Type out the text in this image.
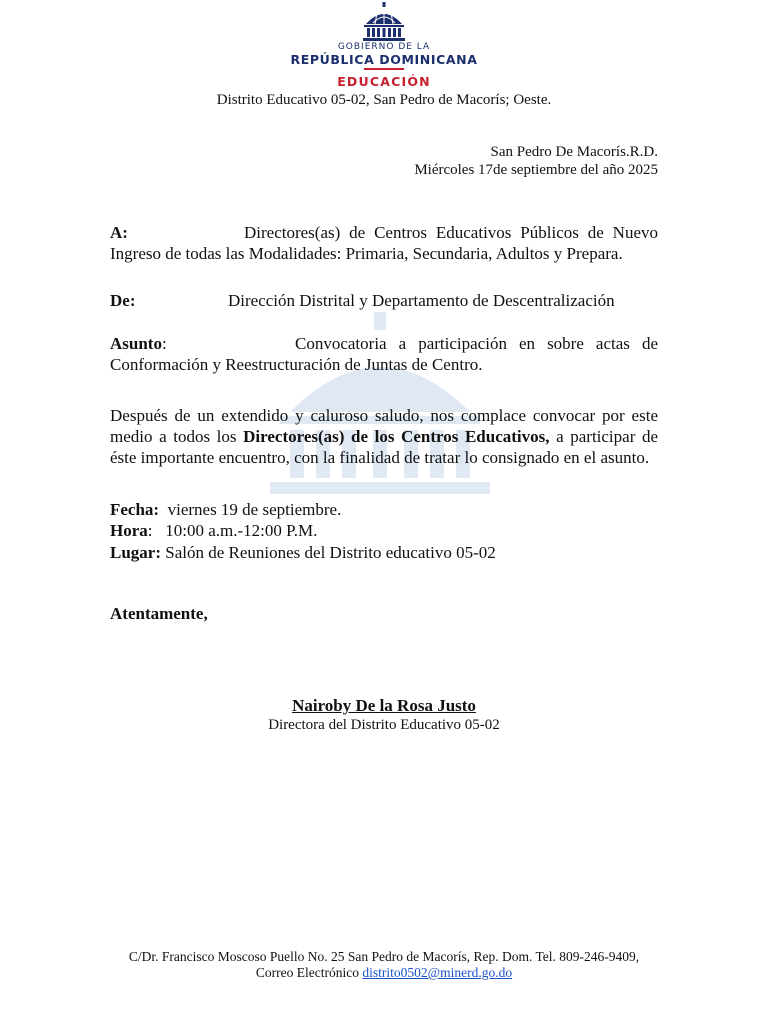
GOBIERNO DE LA
REPÚBLICA DOMINICANA
EDUCACIÓN
Distrito Educativo 05-02, San Pedro de Macorís; Oeste.
San Pedro De Macorís.R.D.
Miércoles 17de septiembre del año 2025
A:	Directores(as) de Centros Educativos Públicos de Nuevo
Ingreso de todas las Modalidades: Primaria, Secundaria, Adultos y Prepara.
De:	Dirección Distrital y Departamento de Descentralización
Asunto:	Convocatoria a participación en sobre actas de
Conformación y Reestructuración de Juntas de Centro.
Después de un extendido y caluroso saludo, nos complace convocar por este medio a todos los Directores(as) de los Centros Educativos, a participar de éste importante encuentro, con la finalidad de tratar lo consignado en el asunto.
Fecha:  viernes 19 de septiembre.
Hora:   10:00 a.m.-12:00 P.M.
Lugar: Salón de Reuniones del Distrito educativo 05-02
Atentamente,
Nairoby De la Rosa Justo
Directora del Distrito Educativo 05-02
C/Dr. Francisco Moscoso Puello No. 25 San Pedro de Macorís, Rep. Dom. Tel. 809-246-9409,
Correo Electrónico distrito0502@minerd.go.do
